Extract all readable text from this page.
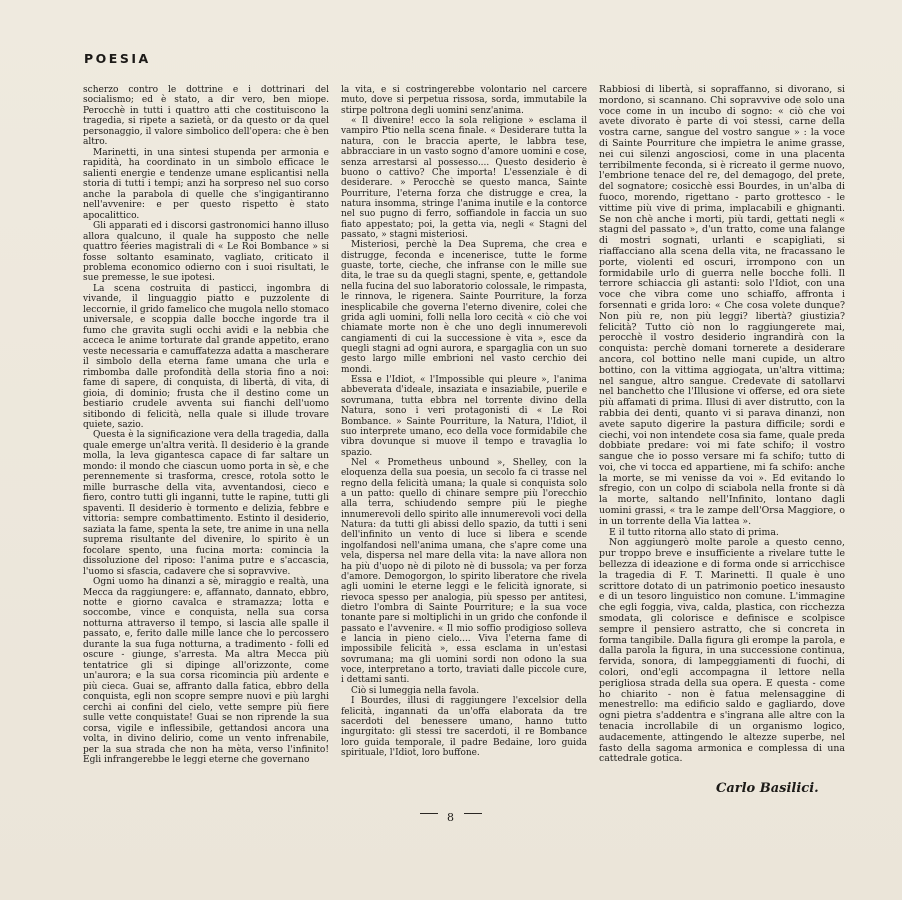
POESIA

scherzo contro le dottrine e i dottrinari del socialismo; ed è stato, a dir vero, ben miope. Perocchè in tutti i quattro atti che costituiscono la tragedia, si ripete a sazietà, or da questo or da quel personaggio, il valore simbolico dell'opera: che è ben altro.

Marinetti, in una sintesi stupenda per armonia e rapidità, ha coordinato in un simbolo efficace le salienti energie e tendenze umane esplicantisi nella storia di tutti i tempi; anzi ha sorpreso nel suo corso anche la parabola di quelle che s'ingigantiranno nell'avvenire: e per questo rispetto è stato apocalittico.

Gli apparati ed i discorsi gastronomici hanno illuso allora qualcuno, il quale ha supposto che nelle quattro féeries magistrali di « Le Roi Bombance » si fosse soltanto esaminato, vagliato, criticato il problema economico odierno con i suoi risultati, le sue premesse, le sue ipotesi.

La scena costruita di pasticci, ingombra di vivande, il linguaggio piatto e puzzolente di leccornie, il grido famelico che mugola nello stomaco universale, e scoppia dalle bocche ingorde tra il fumo che gravita sugli occhi avidi e la nebbia che acceca le anime torturate dal grande appetito, erano veste necessaria e camuffatezza adatta a mascherare il simbolo della eterna fame umana che urla e rimbomba dalle profondità della storia fino a noi: fame di sapere, di conquista, di libertà, di vita, di gioia, di dominio; frusta che il destino come un bestiario crudele avventa sui fianchi dell'uomo sitibondo di felicità, nella quale si illude trovare quiete, sazio.

Questa è la significazione vera della tragedia, dalla quale emerge un'altra verità. Il desiderio è la grande molla, la leva gigantesca capace di far saltare un mondo: il mondo che ciascun uomo porta in sè, e che perennemente si trasforma, cresce, rotola sotto le mille burrasche della vita, avventandosi, cieco e fiero, contro tutti gli inganni, tutte le rapine, tutti gli spaventi. Il desiderio è tormento e delizia, febbre e vittoria: sempre combattimento. Estinto il desiderio, saziata la fame, spenta la sete, tre anime in una nella suprema risultante del divenire, lo spirito è un focolare spento, una fucina morta: comincia la dissoluzione del riposo: l'anima putre e s'accascia, l'uomo si sfascia, cadavere che si sopravvive.

Ogni uomo ha dinanzi a sè, miraggio e realtà, una Mecca da raggiungere: e, affannato, dannato, ebbro, notte e giorno cavalca e stramazza; lotta e soccombe, vince e conquista, nella sua corsa notturna attraverso il tempo, si lascia alle spalle il passato, e, ferito dalle mille lance che lo percossero durante la sua fuga notturna, a tradimento - folli ed oscure - giunge, s'arresta. Ma altra Mecca più tentatrice gli si dipinge all'orizzonte, come un'aurora; e la sua corsa ricomincia più ardente e più cieca. Guai se, affranto dalla fatica, ebbro della conquista, egli non scopre sempre nuovi e più larghi cerchi ai confini del cielo, vette sempre più fiere sulle vette conquistate! Guai se non riprende la sua corsa, vigile e inflessibile, gettandosi ancora una volta, in divino delirio, come un vento infrenabile, per la sua strada che non ha mèta, verso l'infinito! Egli infrangerebbe le leggi eterne che governano

la vita, e si costringerebbe volontario nel carcere muto, dove si perpetua rissosa, sorda, immutabile la stirpe poltrona degli uomini senz'anima.

« Il divenire! ecco la sola religione » esclama il vampiro Ptio nella scena finale. « Desiderare tutta la natura, con le braccia aperte, le labbra tese, abbracciare in un vasto sogno d'amore uomini e cose, senza arrestarsi al possesso.... Questo desiderio è buono o cattivo? Che importa! L'essenziale è di desiderare. » Perocchè se questo manca, Sainte Pourriture, l'eterna forza che distrugge e crea, la natura insomma, stringe l'anima inutile e la contorce nel suo pugno di ferro, soffiandole in faccia un suo fiato appestato; poi, la getta via, negli « Stagni del passato, » stagni misteriosi.

Misteriosi, perchè la Dea Suprema, che crea e distrugge, feconda e incenerisce, tutte le forme guaste, torte, cieche, che infranse con le mille sue dita, le trae su da quegli stagni, spente, e, gettandole nella fucina del suo laboratorio colossale, le rimpasta, le rinnova, le rigenera. Sainte Pourriture, la forza inesplicabile che governa l'eterno divenire, colei che grida agli uomini, folli nella loro cecità « ciò che voi chiamate morte non è che uno degli innumerevoli cangiamenti di cui la successione è vita », esce da quegli stagni ad ogni aurora, e spargaglia con un suo gesto largo mille embrioni nel vasto cerchio dei mondi.

Essa e l'Idiot, « l'Impossible qui pleure », l'anima abbeverata d'ideale, insaziata e insaziabile, puerile e sovrumana, tutta ebbra nel torrente divino della Natura, sono i veri protagonisti di « Le Roi Bombance. » Sainte Pourriture, la Natura, l'Idiot, il suo interprete umano, eco della voce formidabile che vibra dovunque si muove il tempo e travaglia lo spazio.

Nel « Prometheus unbound », Shelley, con la eloquenza della sua poesia, un secolo fa ci trasse nel regno della felicità umana; la quale si conquista solo a un patto: quello di chinare sempre più l'orecchio alla terra, schiudendo sempre più le pieghe innumerevoli dello spirito alle innumerevoli voci della Natura: da tutti gli abissi dello spazio, da tutti i seni dell'infinito un vento di luce si libera e scende ingolfandosi nell'anima umana, che s'apre come una vela, dispersa nel mare della vita: la nave allora non ha più d'uopo nè di piloto nè di bussola; va per forza d'amore. Demogorgon, lo spirito liberatore che rivela agli uomini le eterne leggi e le felicità ignorate, si rievoca spesso per analogia, più spesso per antitesi, dietro l'ombra di Sainte Pourriture; e la sua voce tonante pare si moltiplichi in un grido che confonde il passato e l'avvenire. « Il mio soffio prodigioso solleva e lancia in pieno cielo.... Viva l'eterna fame di impossibile felicità », essa esclama in un'estasi sovrumana; ma gli uomini sordi non odono la sua voce, interpretano a torto, traviati dalle piccole cure, i dettami santi.

Ciò si lumeggia nella favola.

I Bourdes, illusi di raggiungere l'excelsior della felicità, ingannati da un'offa elaborata da tre sacerdoti del benessere umano, hanno tutto ingurgitato: gli stessi tre sacerdoti, il re Bombance loro guida temporale, il padre Bedaine, loro guida spirituale, l'Idiot, loro buffone.

Rabbiosi di libertà, si sopraffanno, si divorano, si mordono, si scannano. Chi sopravvive ode solo una voce come in un incubo di sogno: « ciò che voi avete divorato è parte di voi stessi, carne della vostra carne, sangue del vostro sangue » : la voce di Sainte Pourriture che impietra le anime grasse, nei cui silenzi angosciosi, come in una placenta terribilmente feconda, si è ricreato il germe nuovo, l'embrione tenace del re, del demagogo, del prete, del sognatore; cosicchè essi Bourdes, in un'alba di fuoco, morendo, rigettano - parto grottesco - le vittime più vive di prima, implacabili e ghignanti. Se non chè anche i morti, più tardi, gettati negli « stagni del passato », d'un tratto, come una falange di mostri sognati, urlanti e scapigliati, si riaffacciano alla scena della vita, ne fracassano le porte, violenti ed oscuri, irrompono con un formidabile urlo di guerra nelle bocche folli. Il terrore schiaccia gli astanti: solo l'Idiot, con una voce che vibra come uno schiaffo, affronta i forsennati e grida loro: « Che cosa volete dunque? Non più re, non più leggi? libertà? giustizia? felicità? Tutto ciò non lo raggiungerete mai, perocchè il vostro desiderio ingrandirà con la conquista: perchè domani tornerete a desiderare ancora, col bottino nelle mani cupide, un altro bottino, con la vittima aggiogata, un'altra vittima; nel sangue, altro sangue. Credevate di satollarvi nel banchetto che l'Illusione vi offerse, ed ora siete più affamati di prima. Illusi di aver distrutto, con la rabbia dei denti, quanto vi si parava dinanzi, non avete saputo digerire la pastura difficile; sordi e ciechi, voi non intendete cosa sia fame, quale preda dobbiate predare: voi mi fate schifo; il vostro sangue che io posso versare mi fa schifo; tutto di voi, che vi tocca ed appartiene, mi fa schifo: anche la morte, se mi venisse da voi ». Ed evitando lo sfregio, con un colpo di sciabola nella fronte si dà la morte, saltando nell'Infinito, lontano dagli uomini grassi, « tra le zampe dell'Orsa Maggiore, o in un torrente della Via lattea ».

E il tutto ritorna allo stato di prima.

Non aggiungerò molte parole a questo cenno, pur troppo breve e insufficiente a rivelare tutte le bellezza di ideazione e di forma onde si arricchisce la tragedia di F. T. Marinetti. Il quale è uno scrittore dotato di un patrimonio poetico inesausto e di un tesoro linguistico non comune. L'immagine che egli foggia, viva, calda, plastica, con ricchezza smodata, gli colorisce e definisce e scolpisce sempre il pensiero astratto, che si concreta in forma tangibile. Dalla figura gli erompe la parola, e dalla parola la figura, in una successione continua, fervida, sonora, di lampeggiamenti di fuochi, di colori, ond'egli accompagna il lettore nella perigliosa strada della sua opera. E questa - come ho chiarito - non è fatua melensaggine di menestrello: ma edificio saldo e gagliardo, dove ogni pietra s'addentra e s'ingrana alle altre con la tenacia incrollabile di un organismo logico, audacemente, attingendo le altezze superbe, nel fasto della sagoma armonica e complessa di una cattedrale gotica.

Carlo Basilici.
8
